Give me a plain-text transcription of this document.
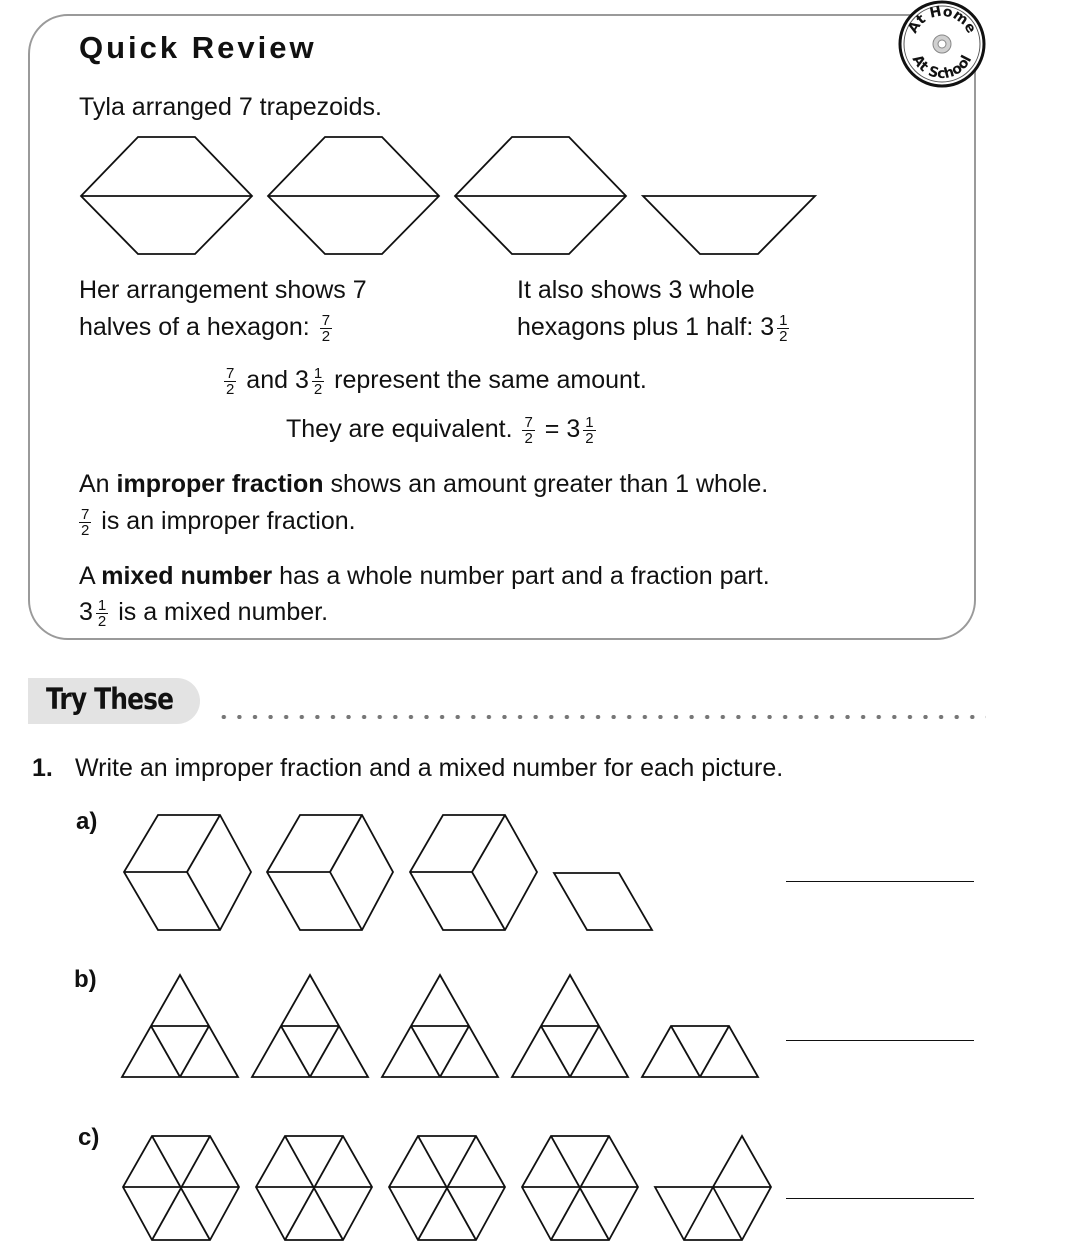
Quick Review
At Home
At School
Tyla arranged 7 trapezoids.
Her arrangement shows 7
halves of a hexagon: $\frac{7}{2}$
It also shows 3 whole
hexagons plus 1 half: $3 \frac{1}{2}$
$\frac{7}{2}$ and $3 \frac{1}{2}$ represent the same amount.
They are equivalent. $\frac{7}{2} = 3 \frac{1}{2}$
An improper fraction shows an amount greater than 1 whole.
$\frac{7}{2}$ is an improper fraction.
A mixed number has a whole number part and a fraction part.
$3 \frac{1}{2}$ is a mixed number.
Try These
1. Write an improper fraction and a mixed number for each picture.
a)
b)
c)
